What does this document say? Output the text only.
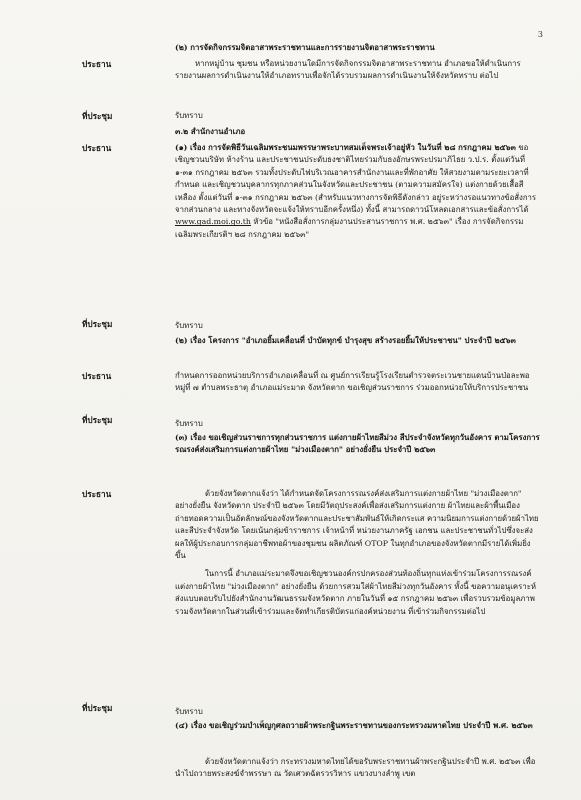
3
(๒) การจัดกิจกรรมจิตอาสาพระราชทานและการรายงานจิตอาสาพระราชทาน
ประธาน	หากหมู่บ้าน ชุมชน หรือหน่วยงานใดมีการจัดกิจกรรมจิตอาสาพระราชทาน อำเภอขอให้ดำเนินการรายงานผลการดำเนินงานให้อำเภอทราบเพื่อจักได้รวบรวมผลการดำเนินงานให้จังหวัดทราบ ต่อไป

ที่ประชุม	รับทราบ
๓.๒ สำนักงานอำเภอ
ประธาน	(๑) เรื่อง การจัดพิธีวันเฉลิมพระชนมพรรษาพระบาทสมเด็จพระเจ้าอยู่หัว ในวันที่ ๒๘ กรกฎาคม ๒๕๖๓ ขอเชิญชวนบริษัท ห้างร้าน และประชาชนประดับธงชาติไทยร่วมกับธงอักษรพระปรมาภิไธย ว.ป.ร. ตั้งแต่วันที่ ๑-๓๑ กรกฎาคม ๒๕๖๓ รวมทั้งประดับไฟบริเวณอาคารสำนักงานและที่พักอาศัย ให้สวยงามตามระยะเวลาที่กำหนด และเชิญชวนบุคลากรทุกภาคส่วนในจังหวัดและประชาชน (ตามความสมัครใจ) แต่งกายด้วยเสื้อสีเหลือง ตั้งแต่วันที่ ๑-๓๑ กรกฎาคม ๒๕๖๓ (สำหรับแนวทางการจัดพิธีดังกล่าว อยู่ระหว่างรอแนวทางข้อสั่งการจากส่วนกลาง และทางจังหวัดจะแจ้งให้ทราบอีกครั้งหนึ่ง) ทั้งนี้ สามารถดาวน์โหลดเอกสารและข้อสั่งการได้ www.gad.moi.go.th หัวข้อ "หนังสือสั่งการกลุ่มงานประสานราชการ พ.ศ. ๒๕๖๓" เรื่อง การจัดกิจกรรมเฉลิมพระเกียรติฯ ๒๘ กรกฎาคม ๒๕๖๓"

ที่ประชุม	รับทราบ
(๒) เรื่อง โครงการ "อำเภอยิ้มเคลื่อนที่ บำบัดทุกข์ บำรุงสุข สร้างรอยยิ้มให้ประชาชน" ประจำปี ๒๕๖๓
ประธาน	กำหนดการออกหน่วยบริการอำเภอเคลื่อนที่ ณ ศูนย์การเรียนรู้โรงเรียนตำรวจตระเวนชายแดนบ้านป่อละพอ หมู่ที่ ๗ ตำบลพระธาตุ อำเภอแม่ระมาด จังหวัดตาก ขอเชิญส่วนราชการ ร่วมออกหน่วยให้บริการประชาชน

ที่ประชุม	รับทราบ
(๓) เรื่อง ขอเชิญส่วนราชการทุกส่วนราชการ แต่งกายผ้าไทยสีม่วง สีประจำจังหวัดทุกวันอังคาร ตามโครงการรณรงค์ส่งเสริมการแต่งกายผ้าไทย "ม่วงเมืองตาก" อย่างยั่งยืน ประจำปี ๒๕๖๓
ประธาน	ด้วยจังหวัดตากแจ้งว่า ได้กำหนดจัดโครงการรณรงค์ส่งเสริมการแต่งกายผ้าไทย "ม่วงเมืองตาก" อย่างยั่งยืน จังหวัดตาก ประจำปี ๒๕๖๓ โดยมีวัตถุประสงค์เพื่อส่งเสริมการแต่งกาย ผ้าไทยและผ้าพื้นเมืองถ่ายทอดความเป็นอัตลักษณ์ของจังหวัดตากและประชาสัมพันธ์ให้เกิดกระแส ความนิยมการแต่งกายด้วยผ้าไทยและสีประจำจังหวัด โดยเน้นกลุ่มข้าราชการ เจ้าหน้าที่ หน่วยงานภาครัฐ เอกชน และประชาชนทั่วไปซึ่งจะส่งผลให้ผู้ประกอบการกลุ่มอาชีพทอผ้าของชุมชน ผลิตภัณฑ์ OTOP ในทุกอำเภอของจังหวัดตากมีรายได้เพิ่มยิ่งขึ้น

ในการนี้ อำเภอแม่ระมาดจึงขอเชิญชวนองค์กรปกครองส่วนท้องถิ่นทุกแห่งเข้าร่วมโครงการรณรงค์แต่งกายผ้าไทย "ม่วงเมืองตาก" อย่างยั่งยืน ด้วยการสวมใส่ผ้าไทยสีม่วงทุกวันอังคาร ทั้งนี้ ขอความอนุเคราะห์ส่งแบบตอบรับไปยังสำนักงานวัฒนธรรมจังหวัดตาก ภายในวันที่ ๑๕ กรกฎาคม ๒๕๖๓ เพื่อรวบรวมข้อมูลภาพรวมจังหวัดตากในส่วนที่เข้าร่วมและจัดทำเกียรติบัตรแก่องค์หน่วยงาน ที่เข้าร่วมกิจกรรมต่อไป

ที่ประชุม	รับทราบ
(๔) เรื่อง ขอเชิญร่วมบำเพ็ญกุศลถวายผ้าพระกฐินพระราชทานของกระทรวงมหาดไทย ประจำปี พ.ศ. ๒๕๖๓

ด้วยจังหวัดตากแจ้งว่า กระทรวงมหาดไทยได้ขอรับพระราชทานผ้าพระกฐินประจำปี พ.ศ. ๒๕๖๓ เพื่อนำไปถวายพระสงฆ์จำพรรษา ณ วัดเศวตฉัตรวรวิหาร แขวงบางลำพู เขต
